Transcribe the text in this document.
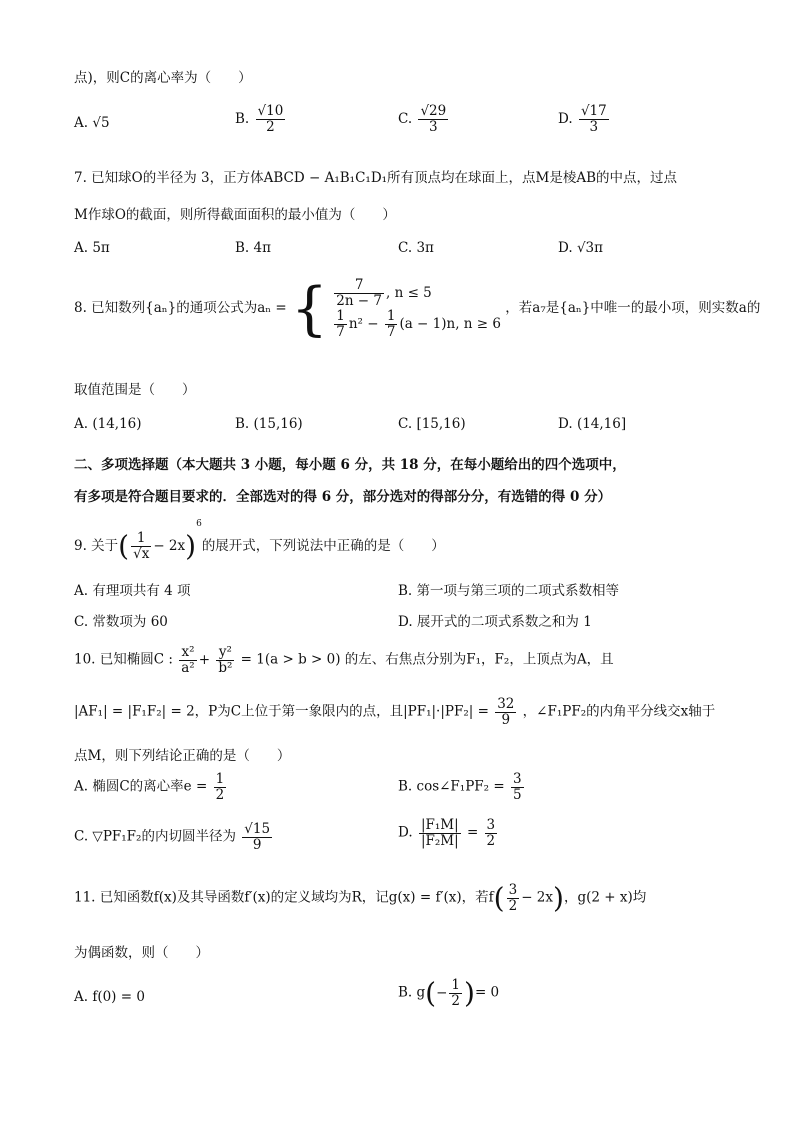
点)，则C的离心率为（　　）
A. √5	B. $\frac{√10}{2}$	C. $\frac{√29}{3}$	D. $\frac{√17}{3}$
7. 已知球O的半径为 3，正方体ABCD − A₁B₁C₁D₁所有顶点均在球面上，点M是棱AB的中点，过点
M作球O的截面，则所得截面面积的最小值为（　　）
A. 5π	B. 4π	C. 3π	D. √3π
8. 已知数列{aₙ}的通项公式为aₙ = { $\frac{7}{2n - 7}$ , n ≤ 5
$\frac{1}{7} n^2 - \frac{1}{7} (a - 1)n$, n ≥ 6
，若a₇是{aₙ}中唯一的最小项，则实数a的
取值范围是（　　）
A. (14,16)	B. (15,16)	C. [15,16)	D. (14,16]
二、多项选择题（本大题共 3 小题，每小题 6 分，共 18 分，在每小题给出的四个选项中，
有多项是符合题目要求的．全部选对的得 6 分，部分选对的得部分分，有选错的得 0 分）
9. 关于( $\frac{1}{√x} - 2x)^6$的展开式，下列说法中正确的是（　　）
A. 有理项共有 4 项	B. 第一项与第三项的二项式系数相等
C. 常数项为 60	D. 展开式的二项式系数之和为 1
10. 已知椭圆C : $\frac{\text{x²}}{\text{a²}} + \frac{\text{y²}}{\text{b²}} = 1(a > b > 0)$ 的左、右焦点分别为F₁，F₂，上顶点为A，且
|AF₁| = |F₁F₂| = 2，P为C上位于第一象限内的点，且$|PF_1|\cdot|PF_2| = \frac{32}{9}$ ，∠F₁PF₂的内角平分线交x轴于
点M，则下列结论正确的是（　　）
A. 椭圆C的离心率$e = \frac{1}{2}$	B. cos∠F₁PF₂ = $\frac{3}{5}$
C. ▽PF₁F₂的内切圆半径为 $\frac{√15}{9}$	D. $\frac{\text{|F₁M|}}{\text{|F₂M|}} = \frac{3}{2}$
11. 已知函数f(x)及其导函数f′(x)的定义域均为R，记g(x) = f′(x)，若$f( \frac{3}{2} - 2x)$，g(2 + x)均
为偶函数，则（　　）
A. f(0) = 0	B. $g(- \frac{1}{2}$ )= 0
